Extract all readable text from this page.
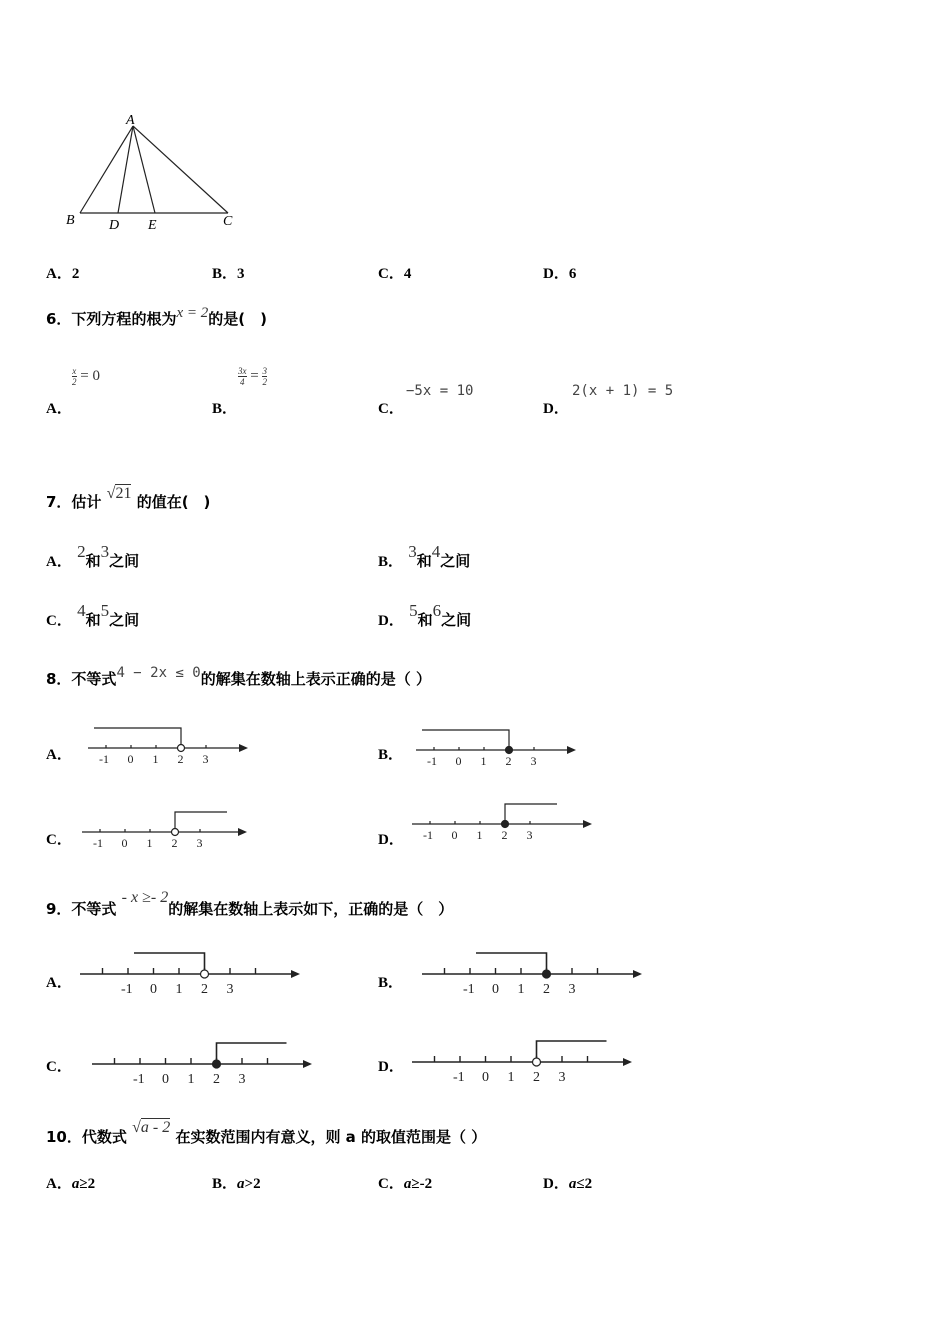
A
B D E	C
A．2	B．3	C．4	D．6
6．下列方程的根为x = 2的是(　)
A．
$\frac{x}{2} = 0$
B．
$\frac{3x}{4} = \frac{3}{2}$
C．
−5x = 10
D．
2(x + 1) = 5
7．估计 √21 的值在(　)
A． 2和3之间	B． 3和4之间
C． 4和5之间	D． 5和6之间
8．不等式4 − 2x ≤ 0的解集在数轴上表示正确的是（ ）
A． -1 0 1 2 3	B． -1 0 1 2 3
C． -1 0 1 2 3	D． -1 0 1 2 3
9．不等式 - x ≥- 2的解集在数轴上表示如下，正确的是（　）
A．	-1 0 1 2 3	B．	-1 0 1 2 3
C．
-1 0 1 2 3
D．
-1 0 1 2 3
10．代数式 √a - 2 在实数范围内有意义，则 a 的取值范围是（ ）
A．a≥2	B．a>2	C．a≥-2	D．a≤2
